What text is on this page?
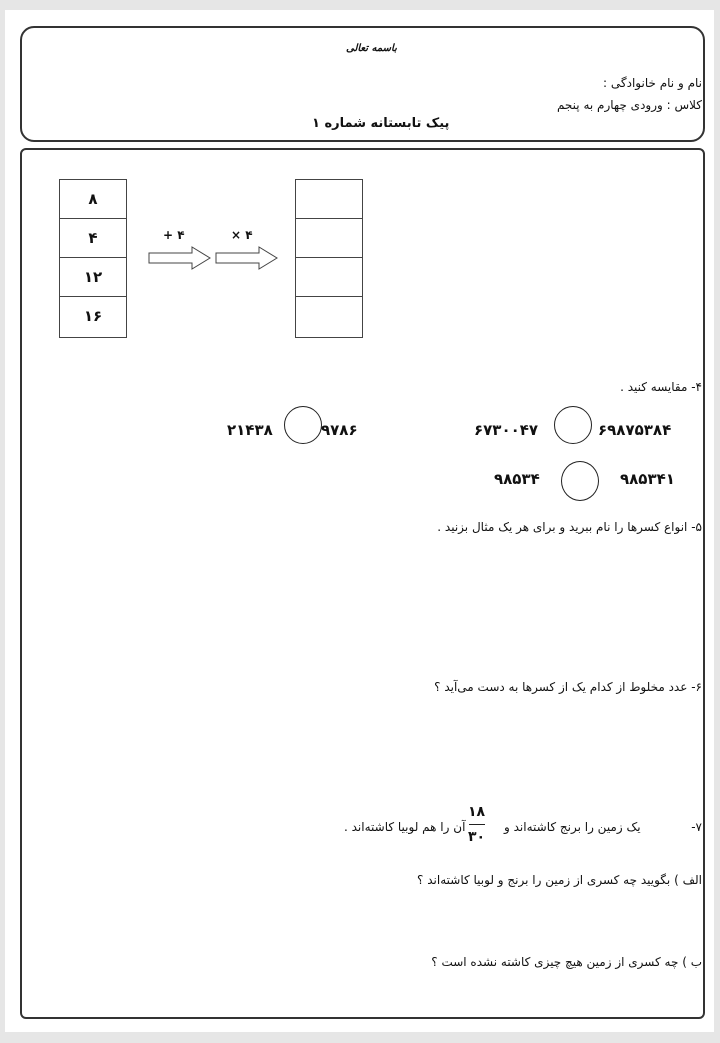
باسمه تعالی
نام و نام خانوادگی :
کلاس : ورودی چهارم به پنجم
پیک تابستانه شماره ۱
۸
۴
۱۲
۱۶
+ ۴	× ۴
۴- مقایسه کنید .
۶۹۸۷۵۳۸۴
۶۷۳۰۰۴۷
۹۷۸۶
۲۱۴۳۸
۹۸۵۳۴۱
۹۸۵۳۴
۵- انواع کسرها را نام ببرید و برای هر یک مثال بزنید .
۶- عدد مخلوط از کدام یک از کسرها به دست می‌آید ؟
۷-
۱۸
۳۰
یک زمین را برنج کاشته‌اند و
آن را هم لوبیا کاشته‌اند .
الف ) بگویید چه کسری از زمین را برنج و لوبیا کاشته‌اند ؟
ب ) چه کسری از زمین هیچ چیزی کاشته نشده است ؟
